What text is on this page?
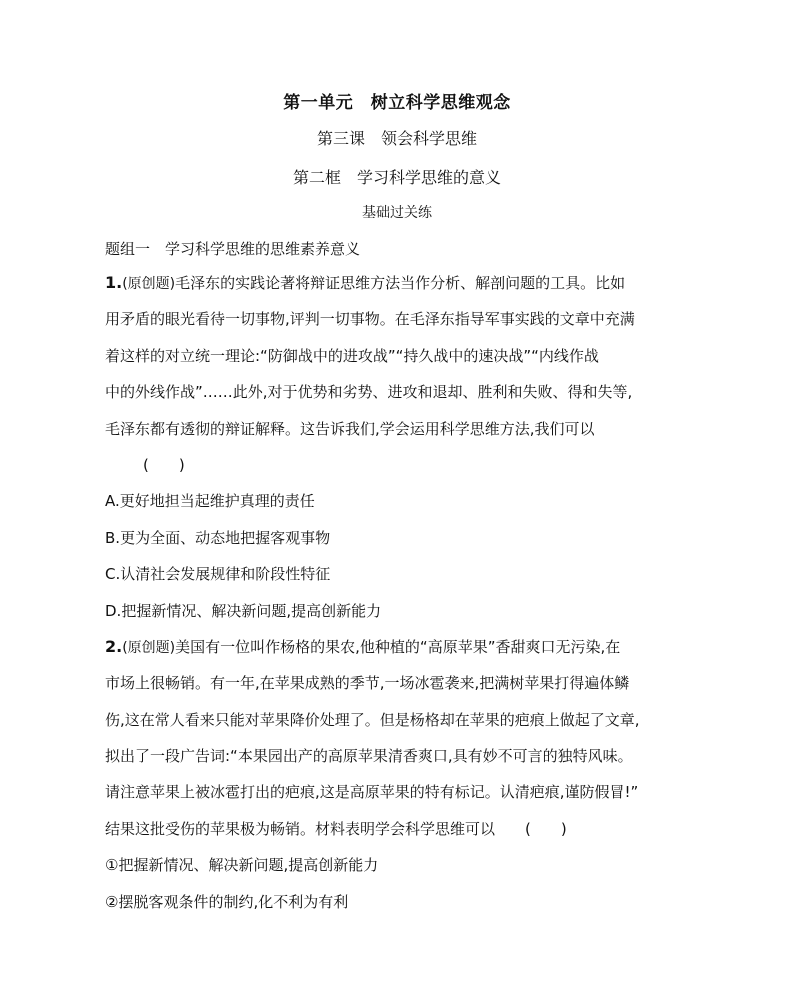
第一单元　树立科学思维观念
第三课　领会科学思维
第二框　学习科学思维的意义
基础过关练
题组一　学习科学思维的思维素养意义
1.(原创题)毛泽东的实践论著将辩证思维方法当作分析、解剖问题的工具。比如
用矛盾的眼光看待一切事物,评判一切事物。在毛泽东指导军事实践的文章中充满
着这样的对立统一理论:“防御战中的进攻战”“持久战中的速决战”“内线作战
中的外线作战”……此外,对于优势和劣势、进攻和退却、胜利和失败、得和失等,
毛泽东都有透彻的辩证解释。这告诉我们,学会运用科学思维方法,我们可以
(　　)
A.更好地担当起维护真理的责任
B.更为全面、动态地把握客观事物
C.认清社会发展规律和阶段性特征
D.把握新情况、解决新问题,提高创新能力
2.(原创题)美国有一位叫作杨格的果农,他种植的“高原苹果”香甜爽口无污染,在
市场上很畅销。有一年,在苹果成熟的季节,一场冰雹袭来,把满树苹果打得遍体鳞
伤,这在常人看来只能对苹果降价处理了。但是杨格却在苹果的疤痕上做起了文章,
拟出了一段广告词:“本果园出产的高原苹果清香爽口,具有妙不可言的独特风味。
请注意苹果上被冰雹打出的疤痕,这是高原苹果的特有标记。认清疤痕,谨防假冒!”
结果这批受伤的苹果极为畅销。材料表明学会科学思维可以　　(　　)
①把握新情况、解决新问题,提高创新能力
②摆脱客观条件的制约,化不利为有利
